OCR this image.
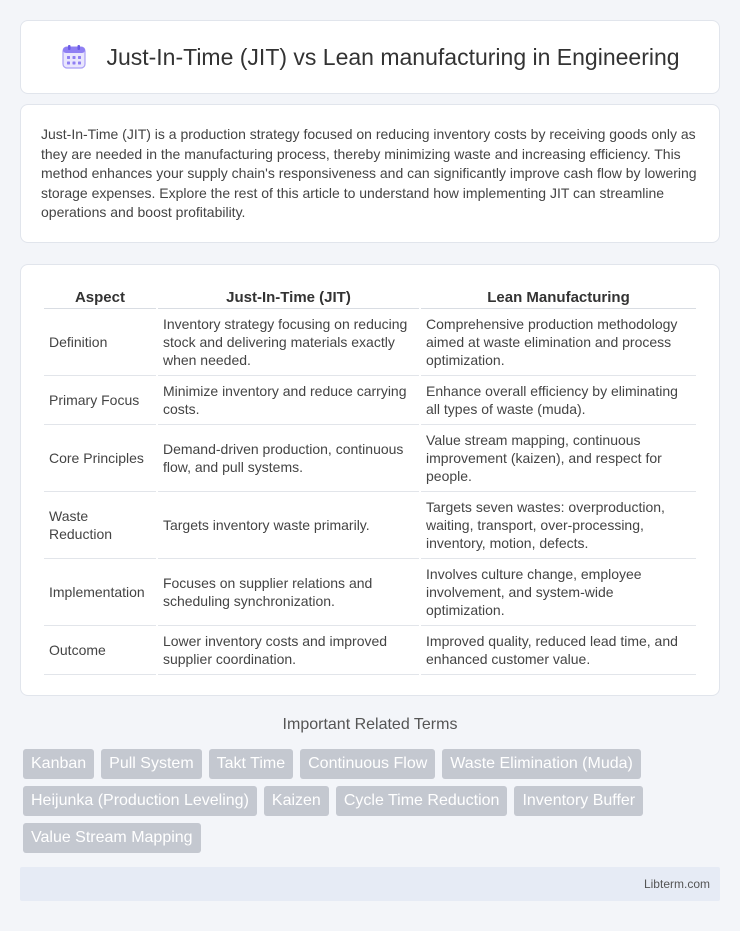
Just-In-Time (JIT) vs Lean manufacturing in Engineering

Just-In-Time (JIT) is a production strategy focused on reducing inventory costs by receiving goods only as they are needed in the manufacturing process, thereby minimizing waste and increasing efficiency. This method enhances your supply chain's responsiveness and can significantly improve cash flow by lowering storage expenses. Explore the rest of this article to understand how implementing JIT can streamline operations and boost profitability.

Aspect	Just-In-Time (JIT)	Lean Manufacturing
Definition	Inventory strategy focusing on reducing stock and delivering materials exactly when needed.	Comprehensive production methodology aimed at waste elimination and process optimization.
Primary Focus	Minimize inventory and reduce carrying costs.	Enhance overall efficiency by eliminating all types of waste (muda).
Core Principles	Demand-driven production, continuous flow, and pull systems.	Value stream mapping, continuous improvement (kaizen), and respect for people.
Waste Reduction	Targets inventory waste primarily.	Targets seven wastes: overproduction, waiting, transport, over-processing, inventory, motion, defects.
Implementation	Focuses on supplier relations and scheduling synchronization.	Involves culture change, employee involvement, and system-wide optimization.
Outcome	Lower inventory costs and improved supplier coordination.	Improved quality, reduced lead time, and enhanced customer value.
Important Related Terms
Kanban	Pull System	Takt Time	Continuous Flow	Waste Elimination (Muda)
Heijunka (Production Leveling)	Kaizen	Cycle Time Reduction	Inventory Buffer
Value Stream Mapping
Libterm.com
